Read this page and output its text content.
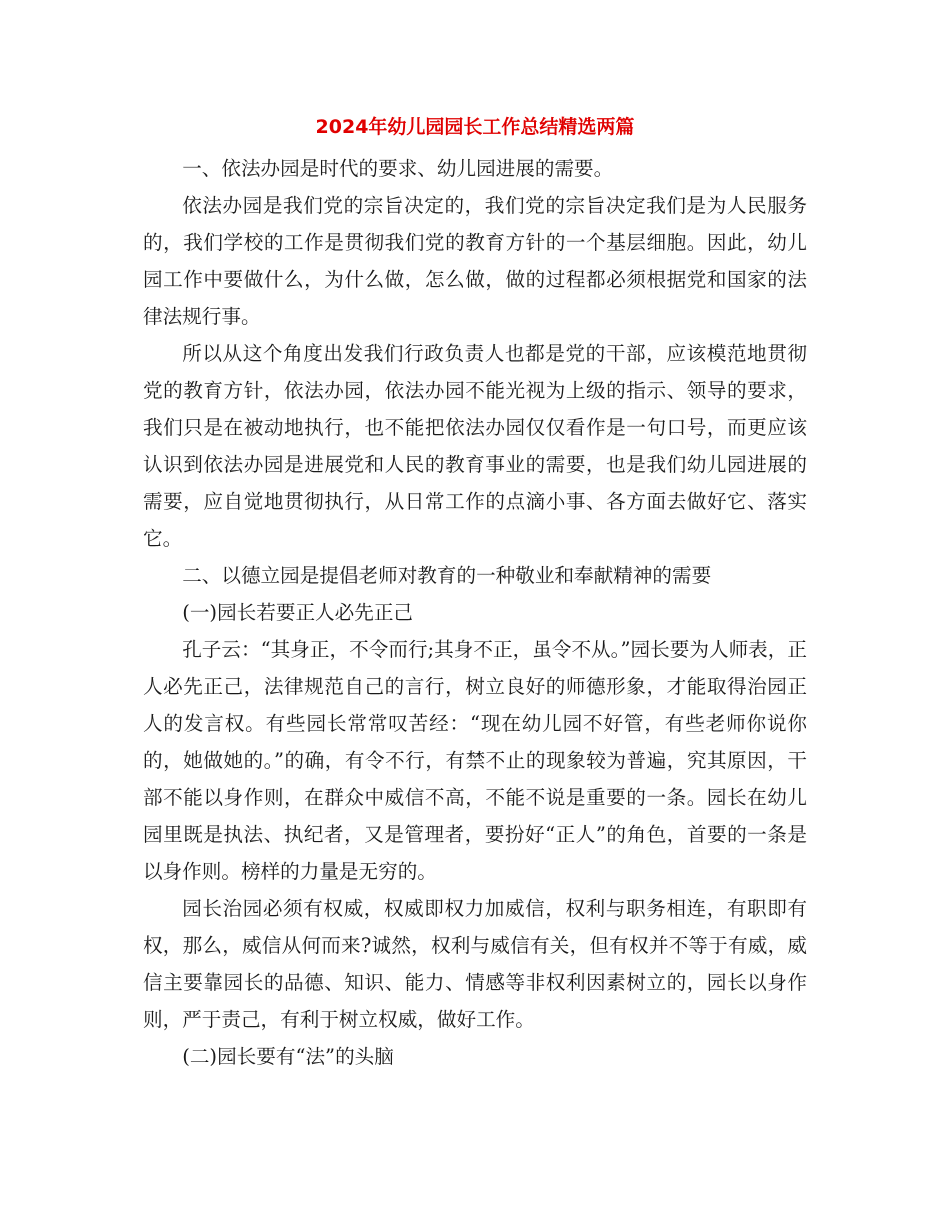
2024年幼儿园园长工作总结精选两篇

一、依法办园是时代的要求、幼儿园进展的需要。

依法办园是我们党的宗旨决定的，我们党的宗旨决定我们是为人民服务的，我们学校的工作是贯彻我们党的教育方针的一个基层细胞。因此，幼儿园工作中要做什么，为什么做，怎么做，做的过程都必须根据党和国家的法律法规行事。

所以从这个角度出发我们行政负责人也都是党的干部，应该模范地贯彻党的教育方针，依法办园，依法办园不能光视为上级的指示、领导的要求，我们只是在被动地执行，也不能把依法办园仅仅看作是一句口号，而更应该认识到依法办园是进展党和人民的教育事业的需要，也是我们幼儿园进展的需要，应自觉地贯彻执行，从日常工作的点滴小事、各方面去做好它、落实它。

二、以德立园是提倡老师对教育的一种敬业和奉献精神的需要

(一)园长若要正人必先正己

孔子云：“其身正，不令而行;其身不正，虽令不从。”园长要为人师表，正人必先正己，法律规范自己的言行，树立良好的师德形象，才能取得治园正人的发言权。有些园长常常叹苦经：“现在幼儿园不好管，有些老师你说你的，她做她的。”的确，有令不行，有禁不止的现象较为普遍，究其原因，干部不能以身作则，在群众中威信不高，不能不说是重要的一条。园长在幼儿园里既是执法、执纪者，又是管理者，要扮好“正人”的角色，首要的一条是以身作则。榜样的力量是无穷的。

园长治园必须有权威，权威即权力加威信，权利与职务相连，有职即有权，那么，威信从何而来?诚然，权利与威信有关，但有权并不等于有威，威信主要靠园长的品德、知识、能力、情感等非权利因素树立的，园长以身作则，严于责己，有利于树立权威，做好工作。

(二)园长要有“法”的头脑
